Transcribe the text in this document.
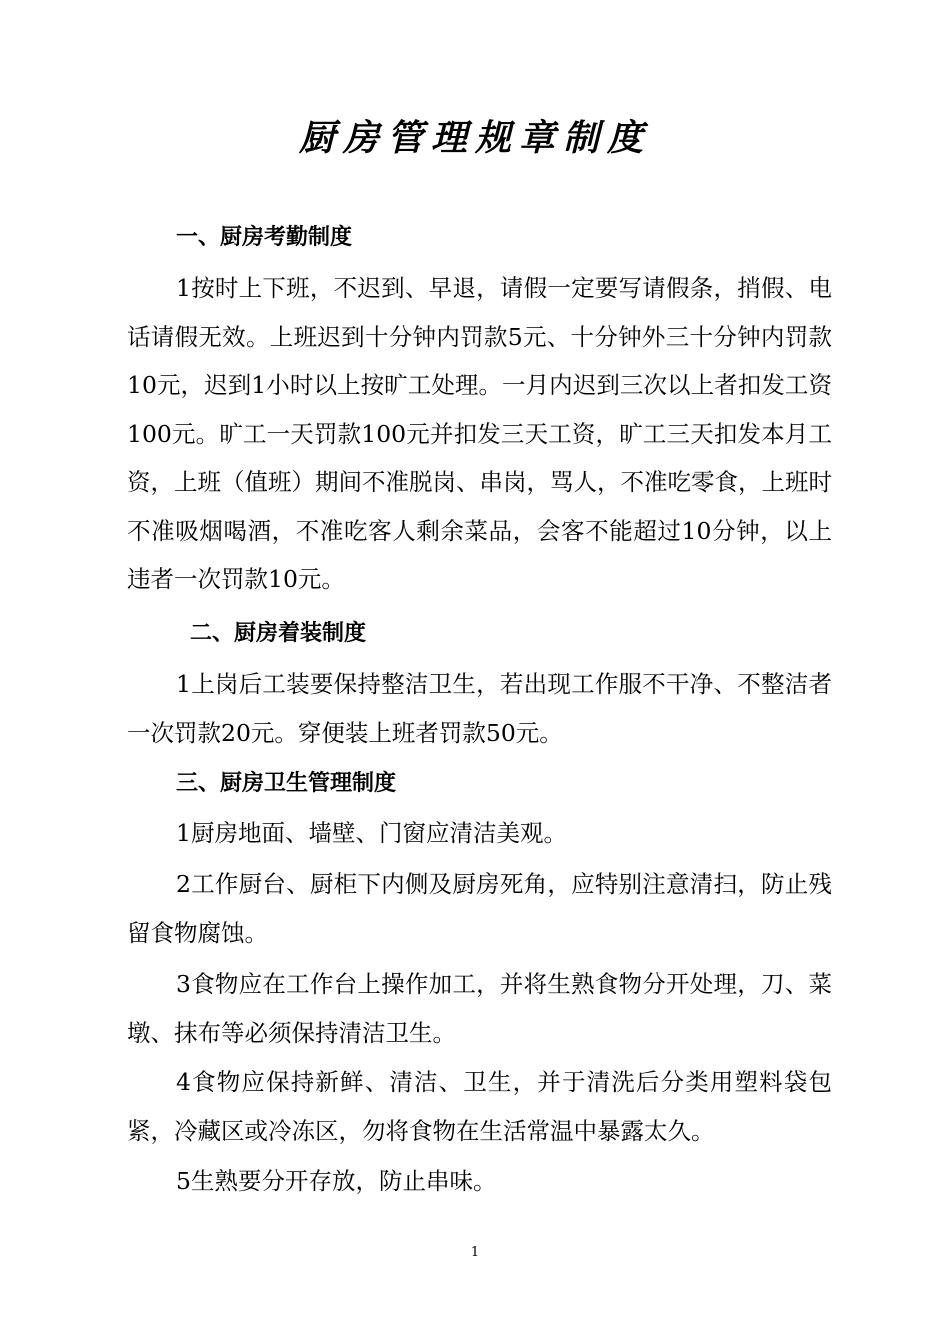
厨房管理规章制度
一、厨房考勤制度

1按时上下班，不迟到、早退，请假一定要写请假条，捎假、电话请假无效。上班迟到十分钟内罚款5元、十分钟外三十分钟内罚款10元，迟到1小时以上按旷工处理。一月内迟到三次以上者扣发工资100元。旷工一天罚款100元并扣发三天工资，旷工三天扣发本月工资，上班（值班）期间不准脱岗、串岗，骂人，不准吃零食，上班时不准吸烟喝酒，不准吃客人剩余菜品，会客不能超过10分钟，以上违者一次罚款10元。

二、厨房着装制度

1上岗后工装要保持整洁卫生，若出现工作服不干净、不整洁者一次罚款20元。穿便装上班者罚款50元。

三、厨房卫生管理制度

1厨房地面、墙壁、门窗应清洁美观。

2工作厨台、厨柜下内侧及厨房死角，应特别注意清扫，防止残留食物腐蚀。

3食物应在工作台上操作加工，并将生熟食物分开处理，刀、菜墩、抹布等必须保持清洁卫生。

4食物应保持新鲜、清洁、卫生，并于清洗后分类用塑料袋包紧，冷藏区或冷冻区，勿将食物在生活常温中暴露太久。

5生熟要分开存放，防止串味。

1
